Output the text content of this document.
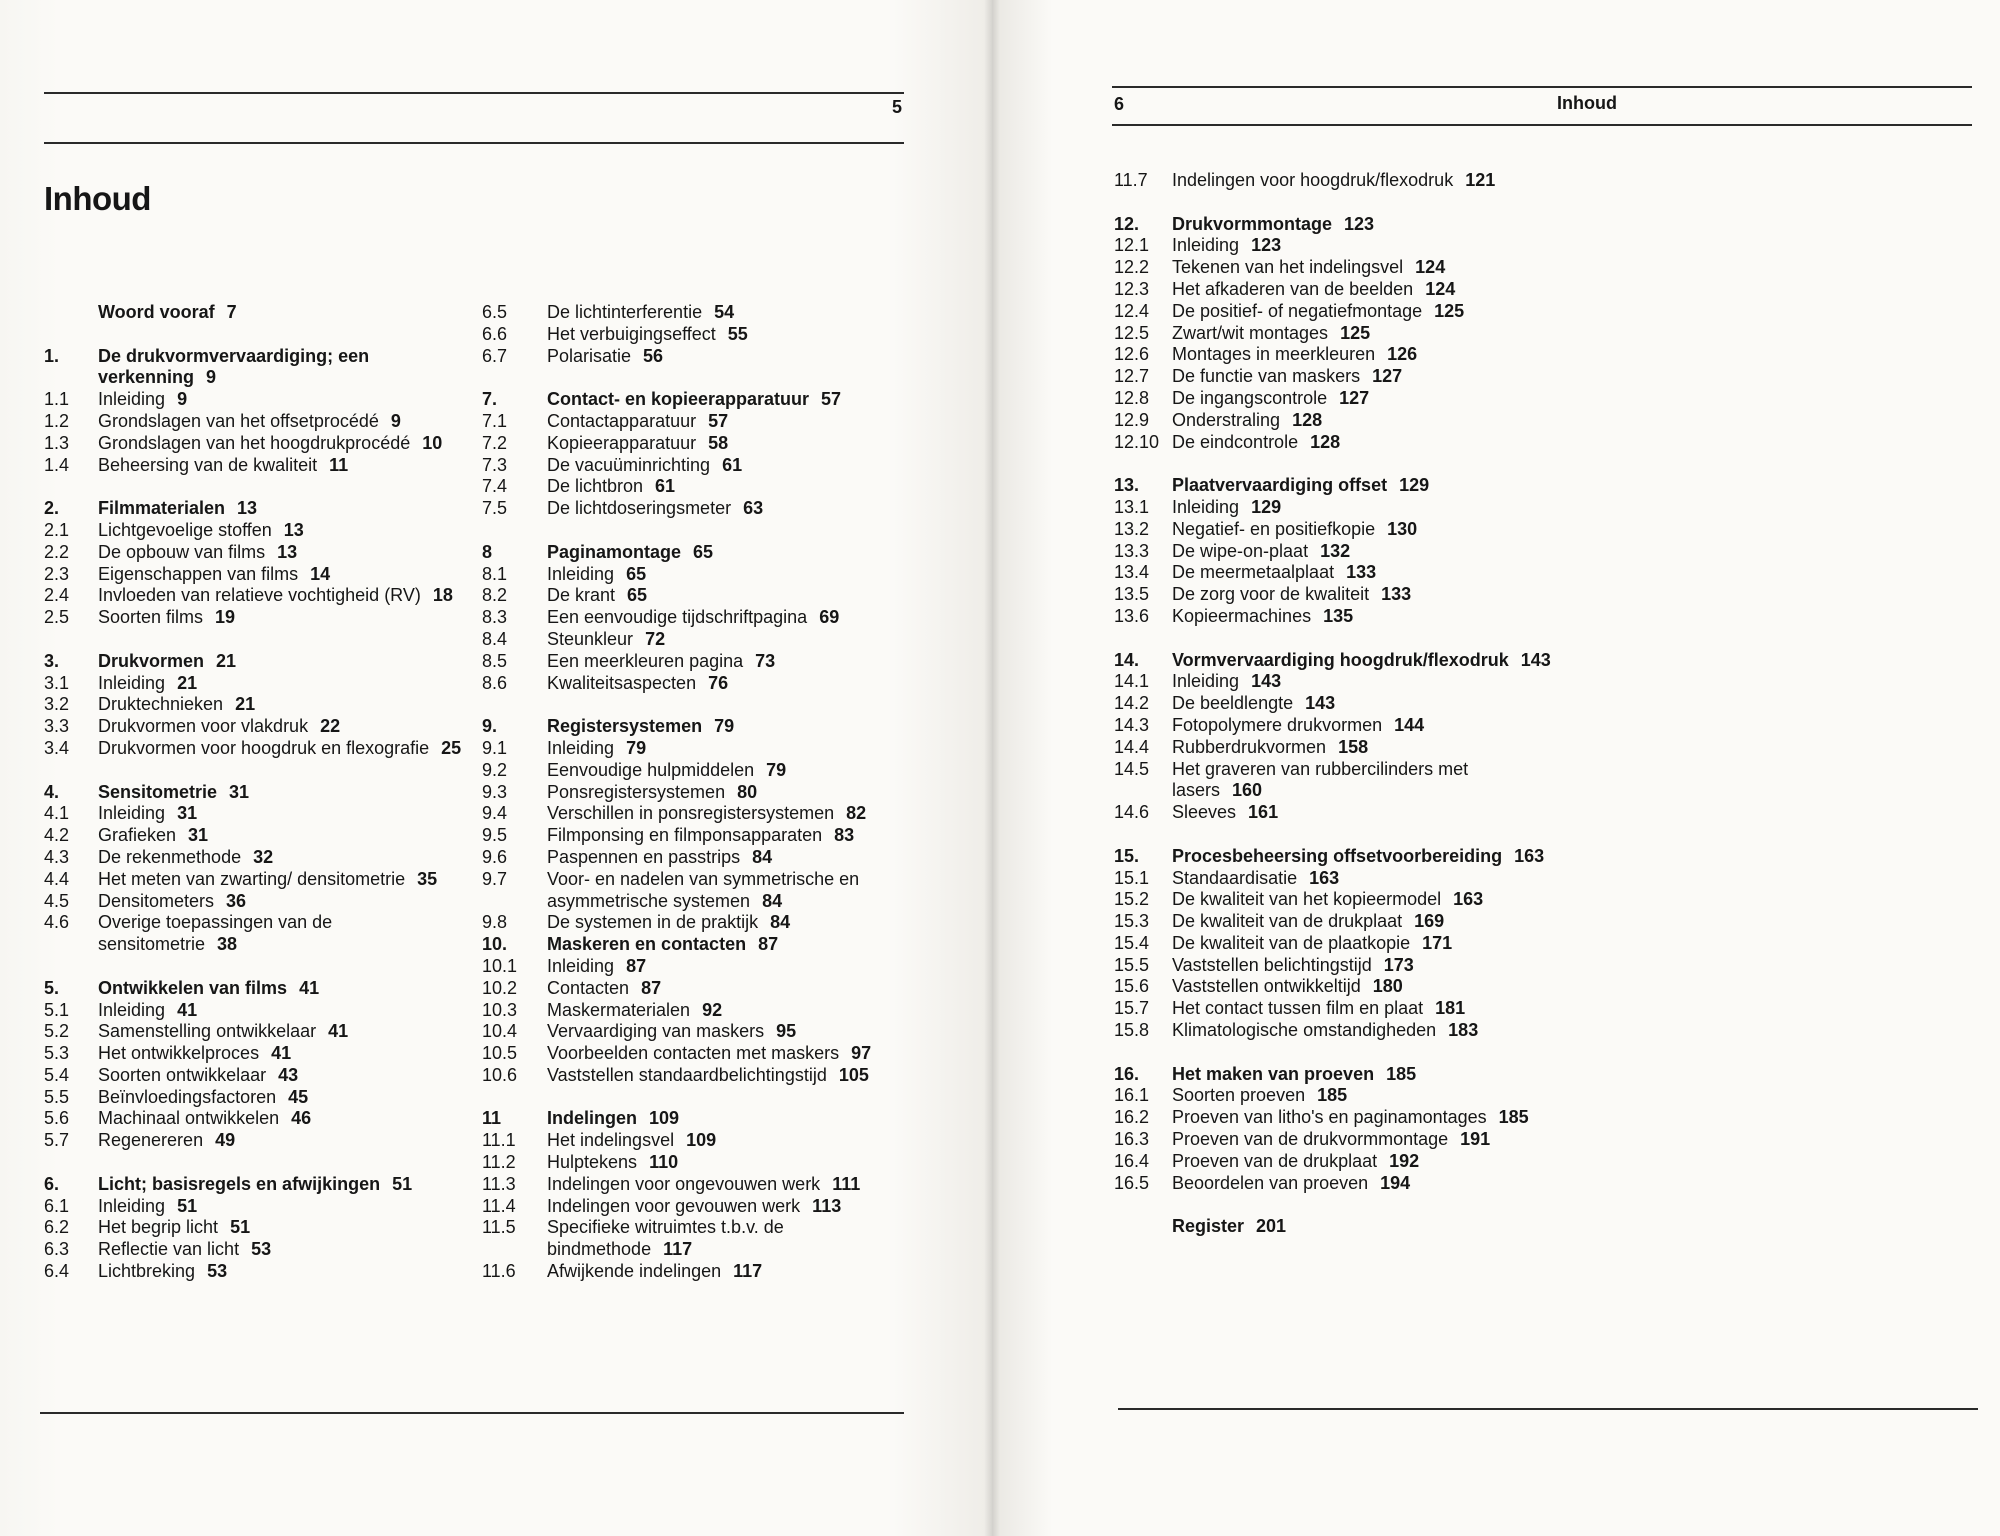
5
Inhoud
Woord vooraf 7
1.	De drukvormvervaardiging; een verkenning 9
1.1	Inleiding 9
1.2	Grondslagen van het offsetprocédé 9
1.3	Grondslagen van het hoogdrukprocédé 10
1.4	Beheersing van de kwaliteit 11
2.	Filmmaterialen 13
2.1	Lichtgevoelige stoffen 13
2.2	De opbouw van films 13
2.3	Eigenschappen van films 14
2.4	Invloeden van relatieve vochtigheid (RV) 18
2.5	Soorten films 19
3.	Drukvormen 21
3.1	Inleiding 21
3.2	Druktechnieken 21
3.3	Drukvormen voor vlakdruk 22
3.4	Drukvormen voor hoogdruk en flexografie 25
4.	Sensitometrie 31
4.1	Inleiding 31
4.2	Grafieken 31
4.3	De rekenmethode 32
4.4	Het meten van zwarting/ densitometrie 35
4.5	Densitometers 36
4.6	Overige toepassingen van de sensitometrie 38
5.	Ontwikkelen van films 41
5.1	Inleiding 41
5.2	Samenstelling ontwikkelaar 41
5.3	Het ontwikkelproces 41
5.4	Soorten ontwikkelaar 43
5.5	Beïnvloedingsfactoren 45
5.6	Machinaal ontwikkelen 46
5.7	Regenereren 49
6.	Licht; basisregels en afwijkingen 51
6.1	Inleiding 51
6.2	Het begrip licht 51
6.3	Reflectie van licht 53
6.4	Lichtbreking 53
6.5	De lichtinterferentie 54
6.6	Het verbuigingseffect 55
6.7	Polarisatie 56
7.	Contact- en kopieerapparatuur 57
7.1	Contactapparatuur 57
7.2	Kopieerapparatuur 58
7.3	De vacuüminrichting 61
7.4	De lichtbron 61
7.5	De lichtdoseringsmeter 63
8	Paginamontage 65
8.1	Inleiding 65
8.2	De krant 65
8.3	Een eenvoudige tijdschriftpagina 69
8.4	Steunkleur 72
8.5	Een meerkleuren pagina 73
8.6	Kwaliteitsaspecten 76
9.	Registersystemen 79
9.1	Inleiding 79
9.2	Eenvoudige hulpmiddelen 79
9.3	Ponsregistersystemen 80
9.4	Verschillen in ponsregistersystemen 82
9.5	Filmponsing en filmponsapparaten 83
9.6	Paspennen en passtrips 84
9.7	Voor- en nadelen van symmetrische en asymmetrische systemen 84
9.8	De systemen in de praktijk 84
10.	Maskeren en contacten 87
10.1	Inleiding 87
10.2	Contacten 87
10.3	Maskermaterialen 92
10.4	Vervaardiging van maskers 95
10.5	Voorbeelden contacten met maskers 97
10.6	Vaststellen standaardbelichtingstijd 105
11	Indelingen 109
11.1	Het indelingsvel 109
11.2	Hulptekens 110
11.3	Indelingen voor ongevouwen werk 111
11.4	Indelingen voor gevouwen werk 113
11.5	Specifieke witruimtes t.b.v. de bindmethode 117
11.6	Afwijkende indelingen 117
6	Inhoud
11.7	Indelingen voor hoogdruk/flexodruk 121
12.	Drukvormmontage 123
12.1	Inleiding 123
12.2	Tekenen van het indelingsvel 124
12.3	Het afkaderen van de beelden 124
12.4	De positief- of negatiefmontage 125
12.5	Zwart/wit montages 125
12.6	Montages in meerkleuren 126
12.7	De functie van maskers 127
12.8	De ingangscontrole 127
12.9	Onderstraling 128
12.10 De eindcontrole 128
13.	Plaatvervaardiging offset 129
13.1	Inleiding 129
13.2	Negatief- en positiefkopie 130
13.3	De wipe-on-plaat 132
13.4	De meermetaalplaat 133
13.5	De zorg voor de kwaliteit 133
13.6	Kopieermachines 135
14.	Vormvervaardiging hoogdruk/flexodruk 143
14.1	Inleiding 143
14.2	De beeldlengte 143
14.3	Fotopolymere drukvormen 144
14.4	Rubberdrukvormen 158
14.5	Het graveren van rubbercilinders met lasers 160
14.6	Sleeves 161
15.	Procesbeheersing offsetvoorbereiding 163
15.1	Standaardisatie 163
15.2	De kwaliteit van het kopieermodel 163
15.3	De kwaliteit van de drukplaat 169
15.4	De kwaliteit van de plaatkopie 171
15.5	Vaststellen belichtingstijd 173
15.6	Vaststellen ontwikkeltijd 180
15.7	Het contact tussen film en plaat 181
15.8	Klimatologische omstandigheden 183
16.	Het maken van proeven 185
16.1	Soorten proeven 185
16.2	Proeven van litho's en paginamontages 185
16.3	Proeven van de drukvormmontage 191
16.4	Proeven van de drukplaat 192
16.5	Beoordelen van proeven 194
Register 201
